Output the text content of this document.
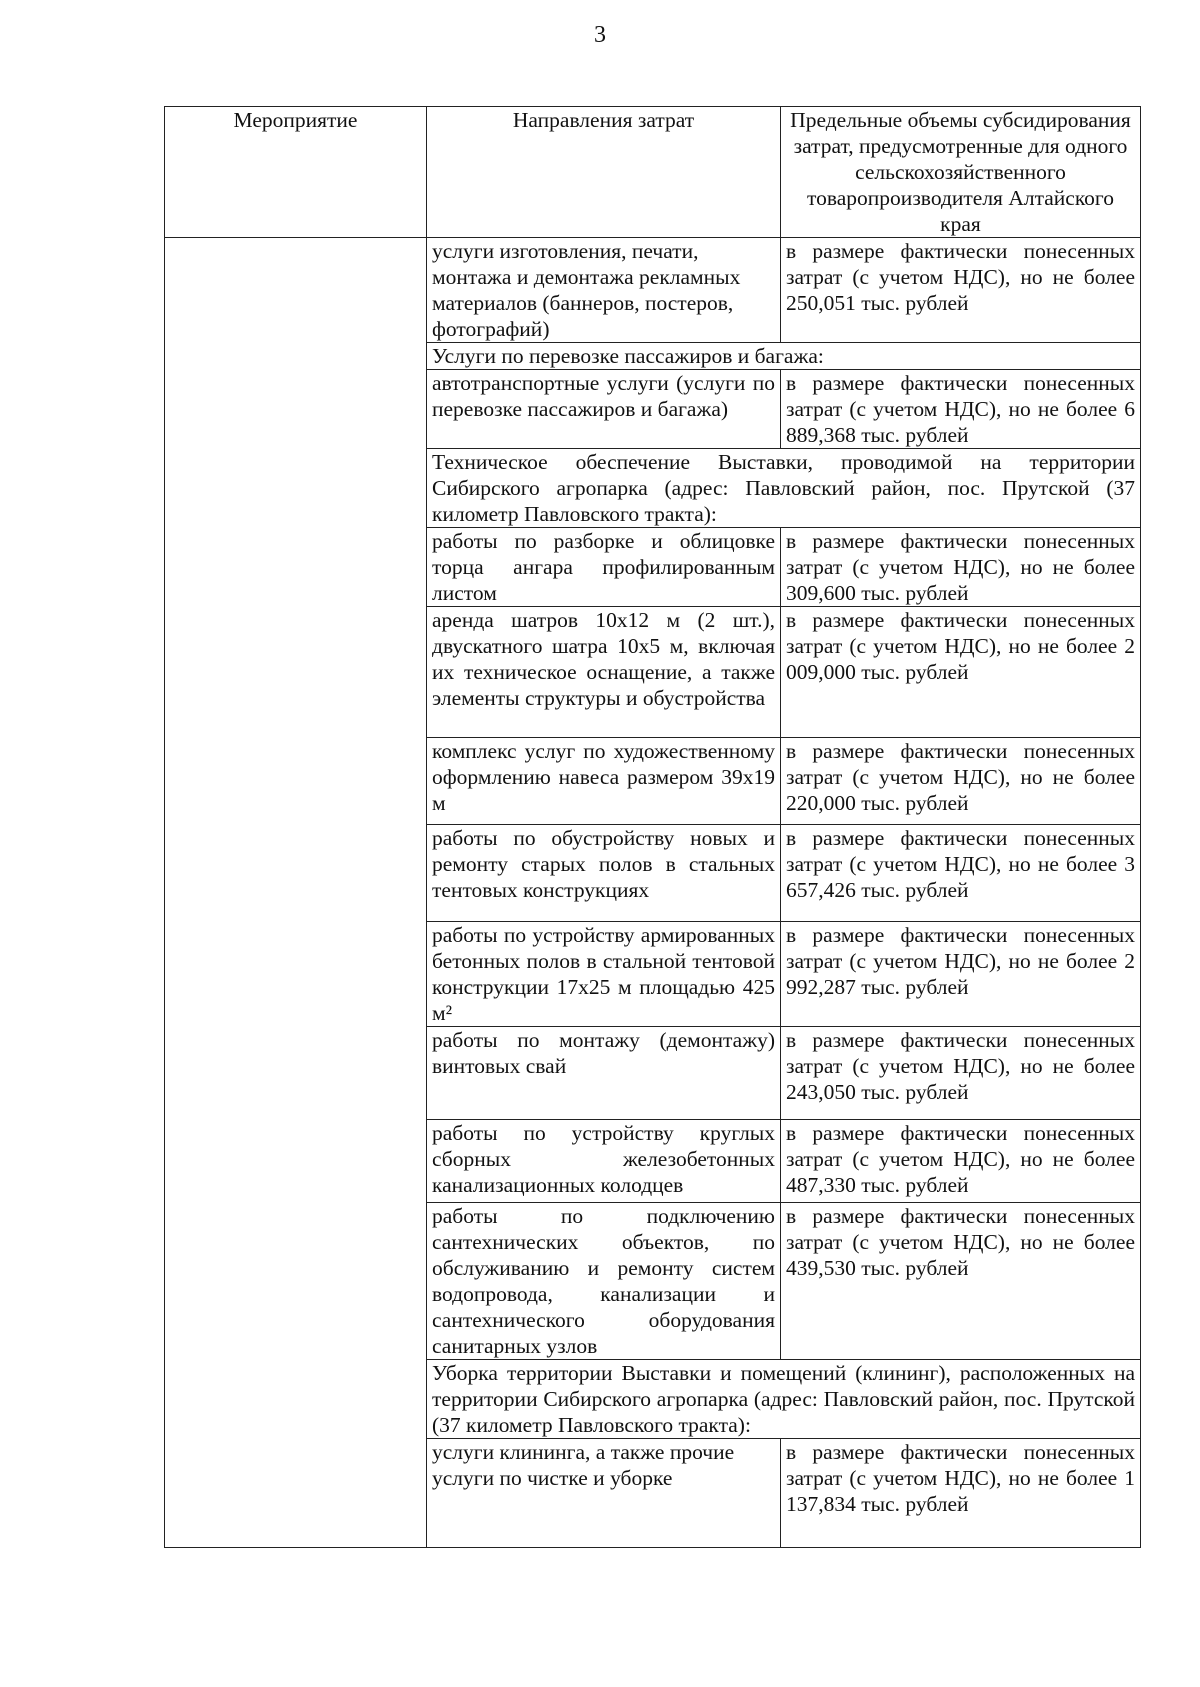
3
Мероприятие	Направления затрат	Предельные объемы субсидирования затрат, предусмотренные для одного сельскохозяйственного товаропроизводителя Алтайского края
	услуги изготовления, печати, монтажа и демонтажа рекламных материалов (баннеров, постеров, фотографий)	в размере фактически понесенных затрат (с учетом НДС), но не более 250,051 тыс. рублей
	Услуги по перевозке пассажиров и багажа:	
	автотранспортные услуги (услуги по перевозке пассажиров и багажа)	в размере фактически понесенных затрат (с учетом НДС), но не более 6 889,368 тыс. рублей
	Техническое обеспечение Выставки, проводимой на территории Сибирского агропарка (адрес: Павловский район, пос. Прутской (37 километр Павловского тракта):	
	работы по разборке и облицовке торца ангара профилированным листом	в размере фактически понесенных затрат (с учетом НДС), но не более 309,600 тыс. рублей
	аренда шатров 10х12 м (2 шт.), двускатного шатра 10х5 м, включая их техническое оснащение, а также элементы структуры и обустройства	в размере фактически понесенных затрат (с учетом НДС), но не более 2 009,000 тыс. рублей
	комплекс услуг по художественному оформлению навеса размером 39х19 м	в размере фактически понесенных затрат (с учетом НДС), но не более 220,000 тыс. рублей
	работы по обустройству новых и ремонту старых полов в стальных тентовых конструкциях	в размере фактически понесенных затрат (с учетом НДС), но не более 3 657,426 тыс. рублей
	работы по устройству армированных бетонных полов в стальной тентовой конструкции 17х25 м площадью 425 м²	в размере фактически понесенных затрат (с учетом НДС), но не более 2 992,287 тыс. рублей
	работы по монтажу (демонтажу) винтовых свай	в размере фактически понесенных затрат (с учетом НДС), но не более 243,050 тыс. рублей
	работы по устройству круглых сборных железобетонных канализационных колодцев	в размере фактически понесенных затрат (с учетом НДС), но не более 487,330 тыс. рублей
	работы по подключению сантехнических объектов, по обслуживанию и ремонту систем водопровода, канализации и сантехнического оборудования санитарных узлов	в размере фактически понесенных затрат (с учетом НДС), но не более 439,530 тыс. рублей
	Уборка территории Выставки и помещений (клининг), расположенных на территории Сибирского агропарка (адрес: Павловский район, пос. Прутской (37 километр Павловского тракта):	
	услуги клининга, а также прочие услуги по чистке и уборке	в размере фактически понесенных затрат (с учетом НДС), но не более 1 137,834 тыс. рублей
